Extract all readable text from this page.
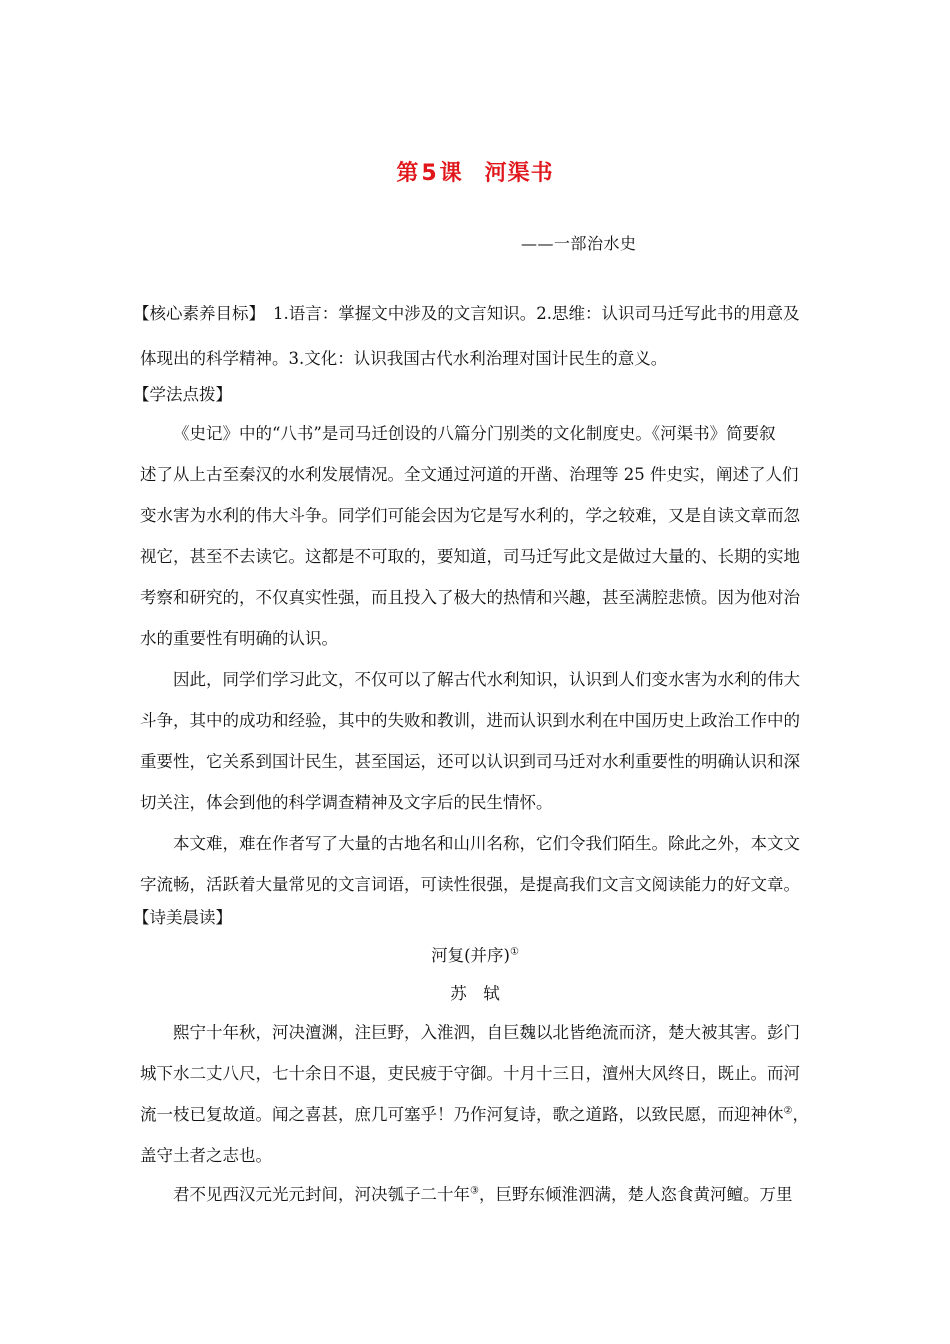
第5课 河渠书
——一部治水史
【核心素养目标】 1.语言：掌握文中涉及的文言知识。2.思维：认识司马迁写此书的用意及
体现出的科学精神。3.文化：认识我国古代水利治理对国计民生的意义。
【学法点拨】
《史记》中的“八书”是司马迁创设的八篇分门别类的文化制度史。《河渠书》简要叙
述了从上古至秦汉的水利发展情况。全文通过河道的开凿、治理等 25 件史实，阐述了人们
变水害为水利的伟大斗争。同学们可能会因为它是写水利的，学之较难，又是自读文章而忽
视它，甚至不去读它。这都是不可取的，要知道，司马迁写此文是做过大量的、长期的实地
考察和研究的，不仅真实性强，而且投入了极大的热情和兴趣，甚至满腔悲愤。因为他对治
水的重要性有明确的认识。
因此，同学们学习此文，不仅可以了解古代水利知识，认识到人们变水害为水利的伟大
斗争，其中的成功和经验，其中的失败和教训，进而认识到水利在中国历史上政治工作中的
重要性，它关系到国计民生，甚至国运，还可以认识到司马迁对水利重要性的明确认识和深
切关注，体会到他的科学调查精神及文字后的民生情怀。
本文难，难在作者写了大量的古地名和山川名称，它们令我们陌生。除此之外，本文文
字流畅，活跃着大量常见的文言词语，可读性很强，是提高我们文言文阅读能力的好文章。
【诗美晨读】
河复(并序)①
苏　轼
熙宁十年秋，河决澶渊，注巨野，入淮泗，自巨魏以北皆绝流而济，楚大被其害。彭门
城下水二丈八尺，七十余日不退，吏民疲于守御。十月十三日，澶州大风终日，既止。而河
流一枝已复故道。闻之喜甚，庶几可塞乎！乃作河复诗，歌之道路，以致民愿，而迎神休②，
盖守土者之志也。
君不见西汉元光元封间，河决瓠子二十年③，巨野东倾淮泗满，楚人恣食黄河鳣。万里
